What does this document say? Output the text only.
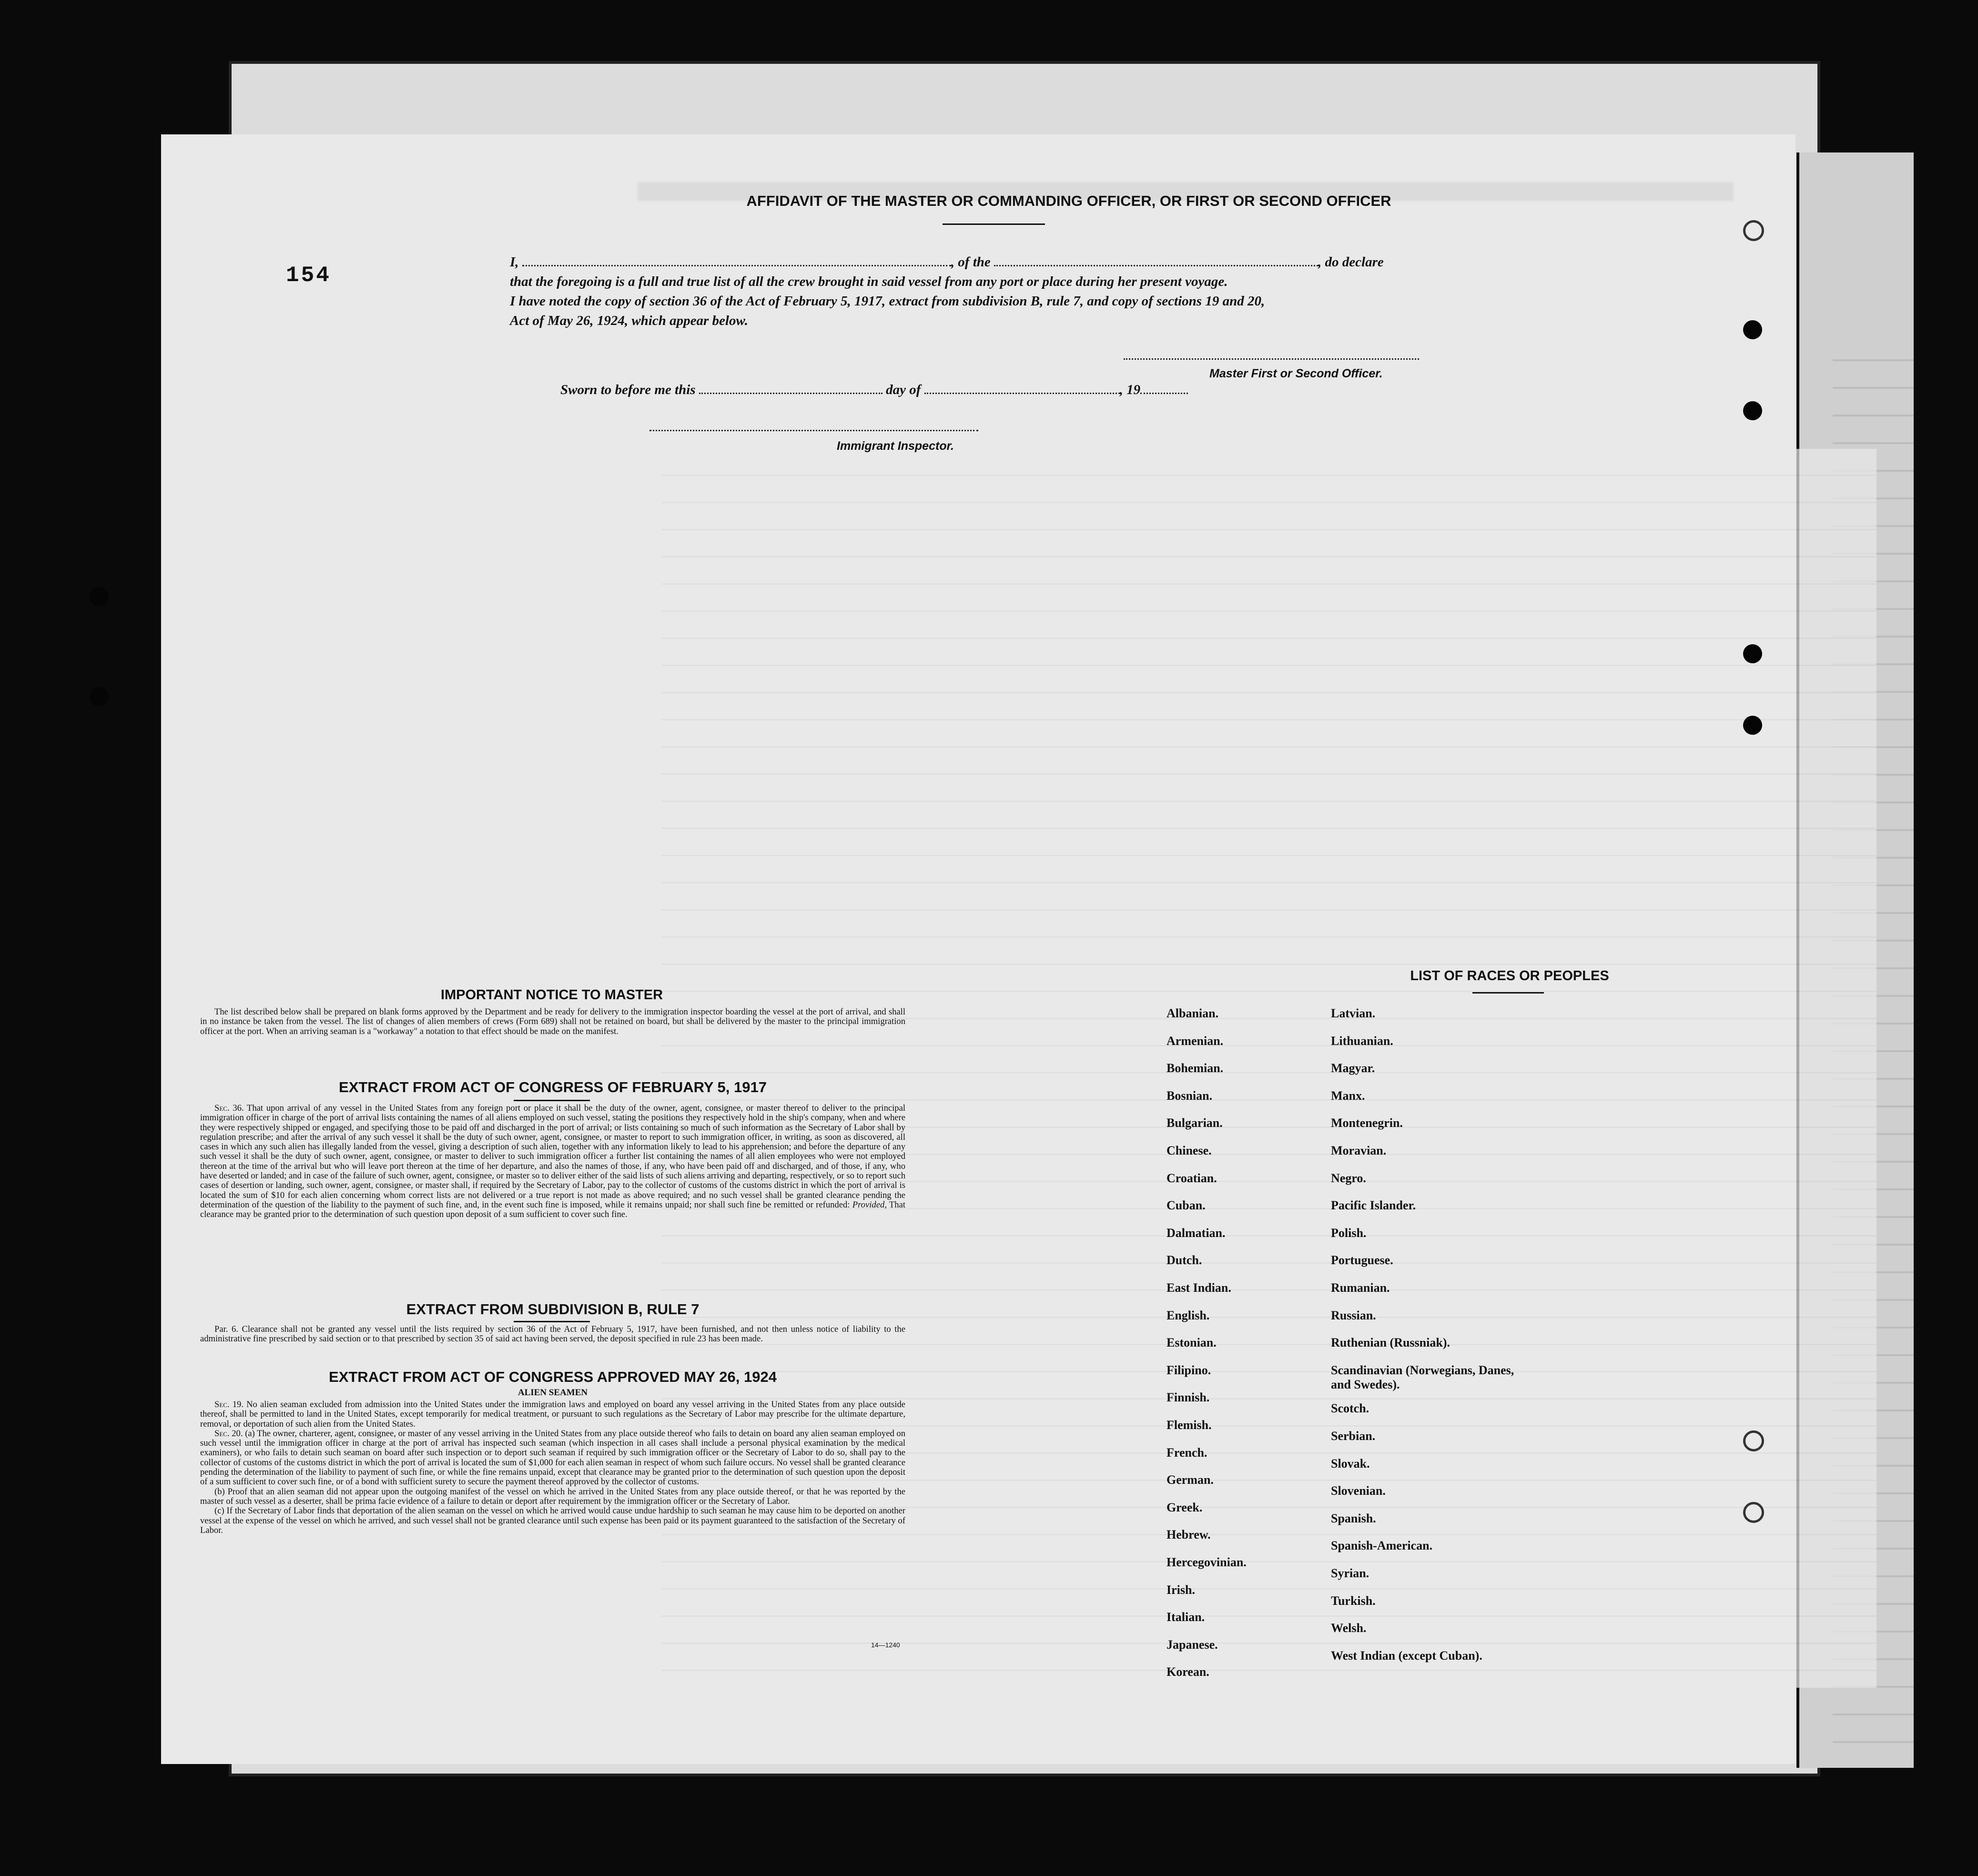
154
AFFIDAVIT OF THE MASTER OR COMMANDING OFFICER, OR FIRST OR SECOND OFFICER
I,	, of the	, do declare
that the foregoing is a full and true list of all the crew brought in said vessel from any port or place during her present voyage.
I have noted the copy of section 36 of the Act of February 5, 1917, extract from subdivision B, rule 7, and copy of sections 19 and 20,
Act of May 26, 1924, which appear below.
Master First or Second Officer.
Sworn to before me this	day of	, 19
Immigrant Inspector.
IMPORTANT NOTICE TO MASTER

The list described below shall be prepared on blank forms approved by the Department and be ready for delivery to the immigration inspector boarding the vessel at the port of arrival, and shall in no instance be taken from the vessel. The list of changes of alien members of crews (Form 689) shall not be retained on board, but shall be delivered by the master to the principal immigration officer at the port. When an arriving seaman is a "workaway" a notation to that effect should be made on the manifest.

EXTRACT FROM ACT OF CONGRESS OF FEBRUARY 5, 1917

Sec. 36. That upon arrival of any vessel in the United States from any foreign port or place it shall be the duty of the owner, agent, consignee, or master thereof to deliver to the principal immigration officer in charge of the port of arrival lists containing the names of all aliens employed on such vessel, stating the positions they respectively hold in the ship's company, when and where they were respectively shipped or engaged, and specifying those to be paid off and discharged in the port of arrival; or lists containing so much of such information as the Secretary of Labor shall by regulation prescribe; and after the arrival of any such vessel it shall be the duty of such owner, agent, consignee, or master to report to such immigration officer, in writing, as soon as discovered, all cases in which any such alien has illegally landed from the vessel, giving a description of such alien, together with any information likely to lead to his apprehension; and before the departure of any such vessel it shall be the duty of such owner, agent, consignee, or master to deliver to such immigration officer a further list containing the names of all alien employees who were not employed thereon at the time of the arrival but who will leave port thereon at the time of her departure, and also the names of those, if any, who have been paid off and discharged, and of those, if any, who have deserted or landed; and in case of the failure of such owner, agent, consignee, or master so to deliver either of the said lists of such aliens arriving and departing, respectively, or so to report such cases of desertion or landing, such owner, agent, consignee, or master shall, if required by the Secretary of Labor, pay to the collector of customs of the customs district in which the port of arrival is located the sum of $10 for each alien concerning whom correct lists are not delivered or a true report is not made as above required; and no such vessel shall be granted clearance pending the determination of the question of the liability to the payment of such fine, and, in the event such fine is imposed, while it remains unpaid; nor shall such fine be remitted or refunded: Provided, That clearance may be granted prior to the determination of such question upon deposit of a sum sufficient to cover such fine.

EXTRACT FROM SUBDIVISION B, RULE 7

Par. 6. Clearance shall not be granted any vessel until the lists required by section 36 of the Act of February 5, 1917, have been furnished, and not then unless notice of liability to the administrative fine prescribed by said section or to that prescribed by section 35 of said act having been served, the deposit specified in rule 23 has been made.

EXTRACT FROM ACT OF CONGRESS APPROVED MAY 26, 1924
ALIEN SEAMEN

Sec. 19. No alien seaman excluded from admission into the United States under the immigration laws and employed on board any vessel arriving in the United States from any place outside thereof, shall be permitted to land in the United States, except temporarily for medical treatment, or pursuant to such regulations as the Secretary of Labor may prescribe for the ultimate departure, removal, or deportation of such alien from the United States.

Sec. 20. (a) The owner, charterer, agent, consignee, or master of any vessel arriving in the United States from any place outside thereof who fails to detain on board any alien seaman employed on such vessel until the immigration officer in charge at the port of arrival has inspected such seaman (which inspection in all cases shall include a personal physical examination by the medical examiners), or who fails to detain such seaman on board after such inspection or to deport such seaman if required by such immigration officer or the Secretary of Labor to do so, shall pay to the collector of customs of the customs district in which the port of arrival is located the sum of $1,000 for each alien seaman in respect of whom such failure occurs. No vessel shall be granted clearance pending the determination of the liability to payment of such fine, or while the fine remains unpaid, except that clearance may be granted prior to the determination of such question upon the deposit of a sum sufficient to cover such fine, or of a bond with sufficient surety to secure the payment thereof approved by the collector of customs.

(b) Proof that an alien seaman did not appear upon the outgoing manifest of the vessel on which he arrived in the United States from any place outside thereof, or that he was reported by the master of such vessel as a deserter, shall be prima facie evidence of a failure to detain or deport after requirement by the immigration officer or the Secretary of Labor.

(c) If the Secretary of Labor finds that deportation of the alien seaman on the vessel on which he arrived would cause undue hardship to such seaman he may cause him to be deported on another vessel at the expense of the vessel on which he arrived, and such vessel shall not be granted clearance until such expense has been paid or its payment guaranteed to the satisfaction of the Secretary of Labor.

14—1240
LIST OF RACES OR PEOPLES
Albanian.
Armenian.
Bohemian.
Bosnian.
Bulgarian.
Chinese.
Croatian.
Cuban.
Dalmatian.
Dutch.
East Indian.
English.
Estonian.
Filipino.
Finnish.
Flemish.
French.
German.
Greek.
Hebrew.
Hercegovinian.
Irish.
Italian.
Japanese.
Korean.
Latvian.
Lithuanian.
Magyar.
Manx.
Montenegrin.
Moravian.
Negro.
Pacific Islander.
Polish.
Portuguese.
Rumanian.
Russian.
Ruthenian (Russniak).
Scandinavian (Norwegians, Danes, and Swedes).
Scotch.
Serbian.
Slovak.
Slovenian.
Spanish.
Spanish-American.
Syrian.
Turkish.
Welsh.
West Indian (except Cuban).
